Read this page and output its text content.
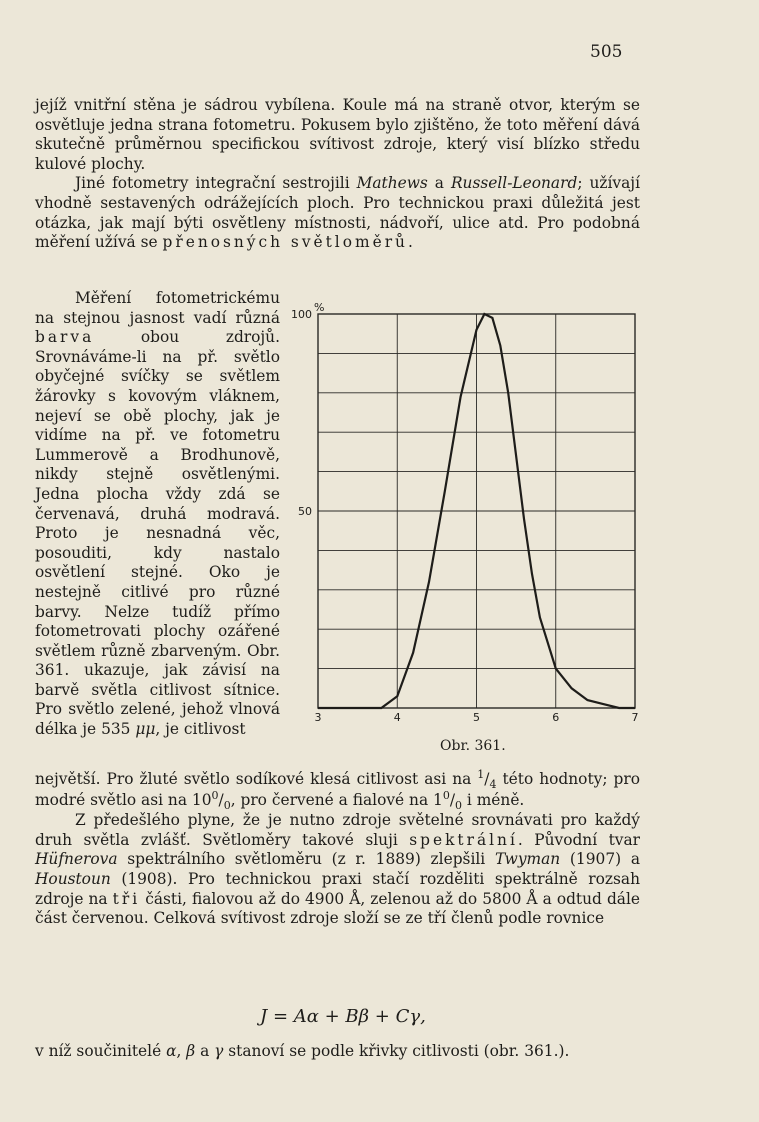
505

jejíž vnitřní stěna je sádrou vybílena. Koule má na straně otvor, kterým se osvětluje jedna strana fotometru. Pokusem bylo zjištěno, že toto měření dává skutečně průměrnou specifickou svítivost zdroje, který visí blízko středu kulové plochy.

Jiné fotometry integrační sestrojili Mathews a Russell-Leonard; užívají vhodně sestavených odrážejících ploch. Pro technickou praxi důležitá jest otázka, jak mají býti osvětleny místnosti, nádvoří, ulice atd. Pro podobná měření užívá se přenosných světloměrů.

Měření fotometrickému na stejnou jasnost vadí různá barva obou zdrojů. Srovnáváme-li na př. světlo obyčejné svíčky se světlem žárovky s kovovým vláknem, nejeví se obě plochy, jak je vidíme na př. ve fotometru Lummerově a Brodhunově, nikdy stejně osvětlenými. Jedna plocha vždy zdá se červenavá, druhá modravá. Proto je nesnadná věc, posouditi, kdy nastalo osvětlení stejné. Oko je nestejně citlivé pro různé barvy. Nelze tudíž přímo fotometrovati plochy ozářené světlem různě zbarveným. Obr. 361. ukazuje, jak závisí na barvě světla citlivost sítnice. Pro světlo zelené, jehož vlnová délka je 535 μμ, je citlivost

3	4	5	6	7
100
50
%
Obr. 361.

největší. Pro žluté světlo sodíkové klesá citlivost asi na $^1/_4$ této hodnoty; pro modré světlo asi na $10^0/_0$, pro červené a fialové na $1^0/_0$ i méně.

Z předešlého plyne, že je nutno zdroje světelné srovnávati pro každý druh světla zvlášť. Světloměry takové sluji spektrální. Původní tvar Hüfnerova spektrálního světloměru (z r. 1889) zlepšili Twyman (1907) a Houstoun (1908). Pro technickou praxi stačí rozděliti spektrálně rozsah zdroje na tři části, fialovou až do 4900 Å, zelenou až do 5800 Å a odtud dále část červenou. Celková svítivost zdroje složí se ze tří členů podle rovnice

J = Aα + Bβ + Cγ,
v níž součinitelé α, β a γ stanoví se podle křivky citlivosti (obr. 361.).
